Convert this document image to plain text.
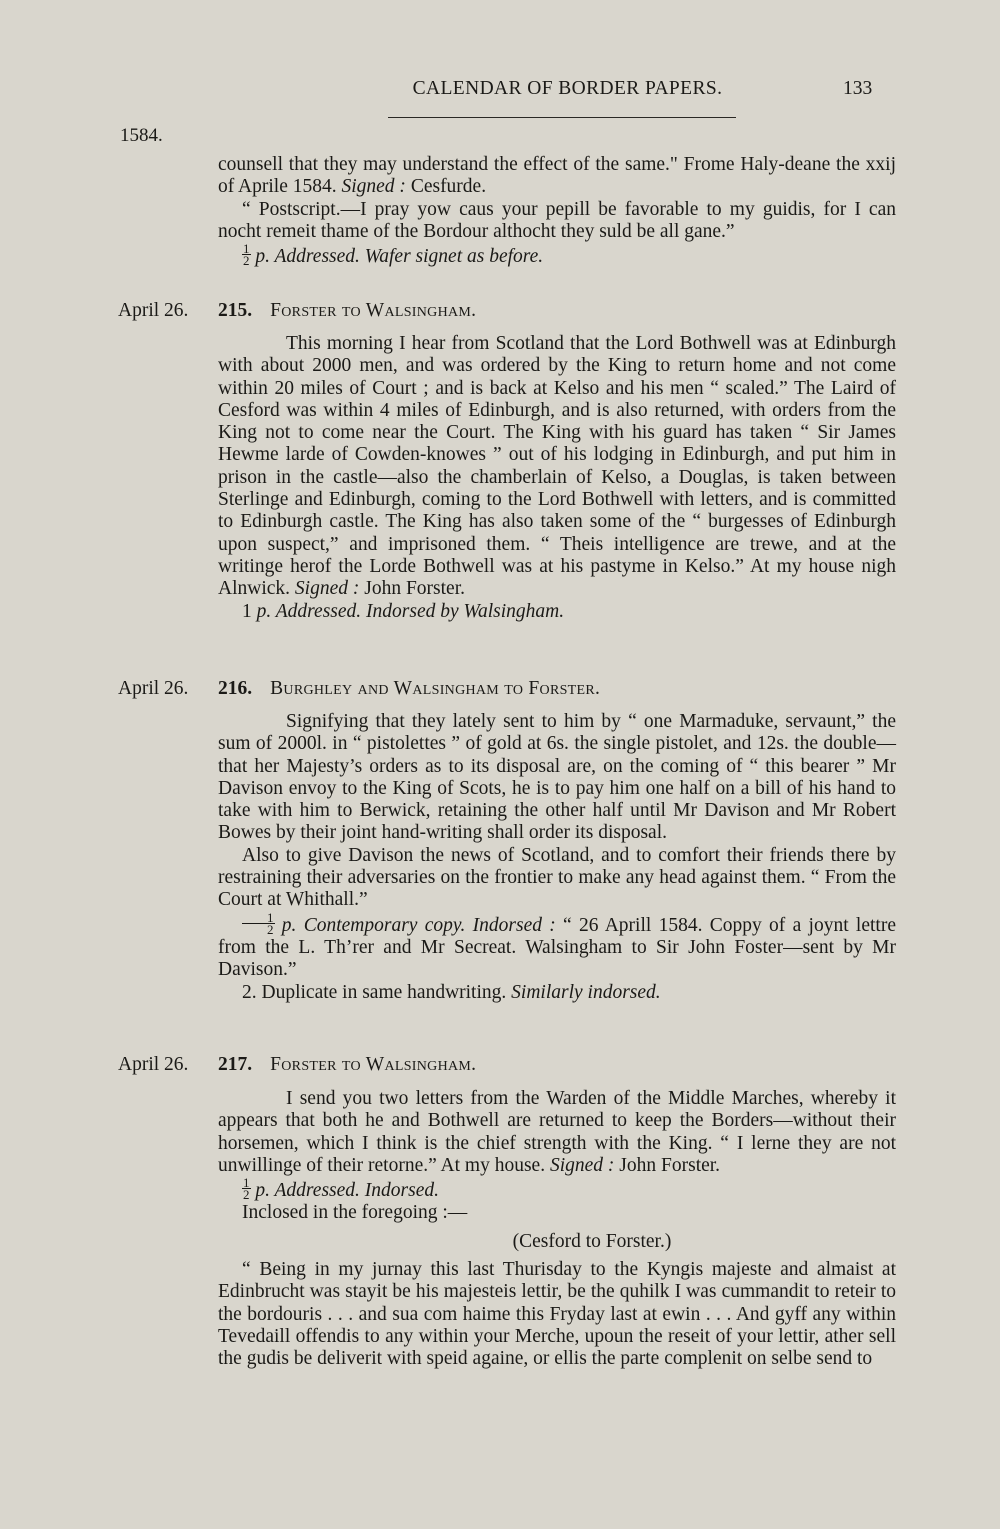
CALENDAR OF BORDER PAPERS.	133
1584.

counsell that they may understand the effect of the same." Frome Haly-deane the xxij of Aprile 1584. Signed : Cesfurde.

“ Postscript.—I pray yow caus your pepill be favorable to my guidis, for I can nocht remeit thame of the Bordour althocht they suld be all gane.”

$\frac{1}{2} p$. Addressed. Wafer signet as before.

April 26. 215. Forster to Walsingham.

This morning I hear from Scotland that the Lord Bothwell was at Edinburgh with about 2000 men, and was ordered by the King to return home and not come within 20 miles of Court ; and is back at Kelso and his men “ scaled.” The Laird of Cesford was within 4 miles of Edinburgh, and is also returned, with orders from the King not to come near the Court. The King with his guard has taken “ Sir James Hewme larde of Cowden-knowes ” out of his lodging in Edinburgh, and put him in prison in the castle—also the chamberlain of Kelso, a Douglas, is taken between Sterlinge and Edinburgh, coming to the Lord Bothwell with letters, and is committed to Edinburgh castle. The King has also taken some of the “ burgesses of Edinburgh upon suspect,” and imprisoned them. “ Theis intelligence are trewe, and at the writinge herof the Lorde Bothwell was at his pastyme in Kelso.” At my house nigh Alnwick. Signed : John Forster.

1 p. Addressed. Indorsed by Walsingham.

April 26. 216. Burghley and Walsingham to Forster.

Signifying that they lately sent to him by “ one Marmaduke, servaunt,” the sum of 2000l. in “ pistolettes ” of gold at 6s. the single pistolet, and 12s. the double—that her Majesty’s orders as to its disposal are, on the coming of “ this bearer ” Mr Davison envoy to the King of Scots, he is to pay him one half on a bill of his hand to take with him to Berwick, retaining the other half until Mr Davison and Mr Robert Bowes by their joint hand-writing shall order its disposal.

Also to give Davison the news of Scotland, and to comfort their friends there by restraining their adversaries on the frontier to make any head against them. “ From the Court at Whithall.”

$\frac{1}{2} p$. Contemporary copy. Indorsed : “ 26 Aprill 1584. Coppy of a joynt lettre from the L. Th’rer and Mr Secreat. Walsingham to Sir John Foster—sent by Mr Davison.”

2. Duplicate in same handwriting. Similarly indorsed.

April 26. 217. Forster to Walsingham.

I send you two letters from the Warden of the Middle Marches, whereby it appears that both he and Bothwell are returned to keep the Borders—without their horsemen, which I think is the chief strength with the King. “ I lerne they are not unwillinge of their retorne.” At my house. Signed : John Forster.

$\frac{1}{2} p$. Addressed. Indorsed.

Inclosed in the foregoing :—

(Cesford to Forster.)

“ Being in my jurnay this last Thurisday to the Kyngis majeste and almaist at Edinbrucht was stayit be his majesteis lettir, be the quhilk I was cummandit to reteir to the bordouris . . . and sua com haime this Fryday last at ewin . . . And gyff any within Tevedaill offendis to any within your Merche, upoun the reseit of your lettir, ather sell the gudis be deliverit with speid againe, or ellis the parte complenit on selbe send to
